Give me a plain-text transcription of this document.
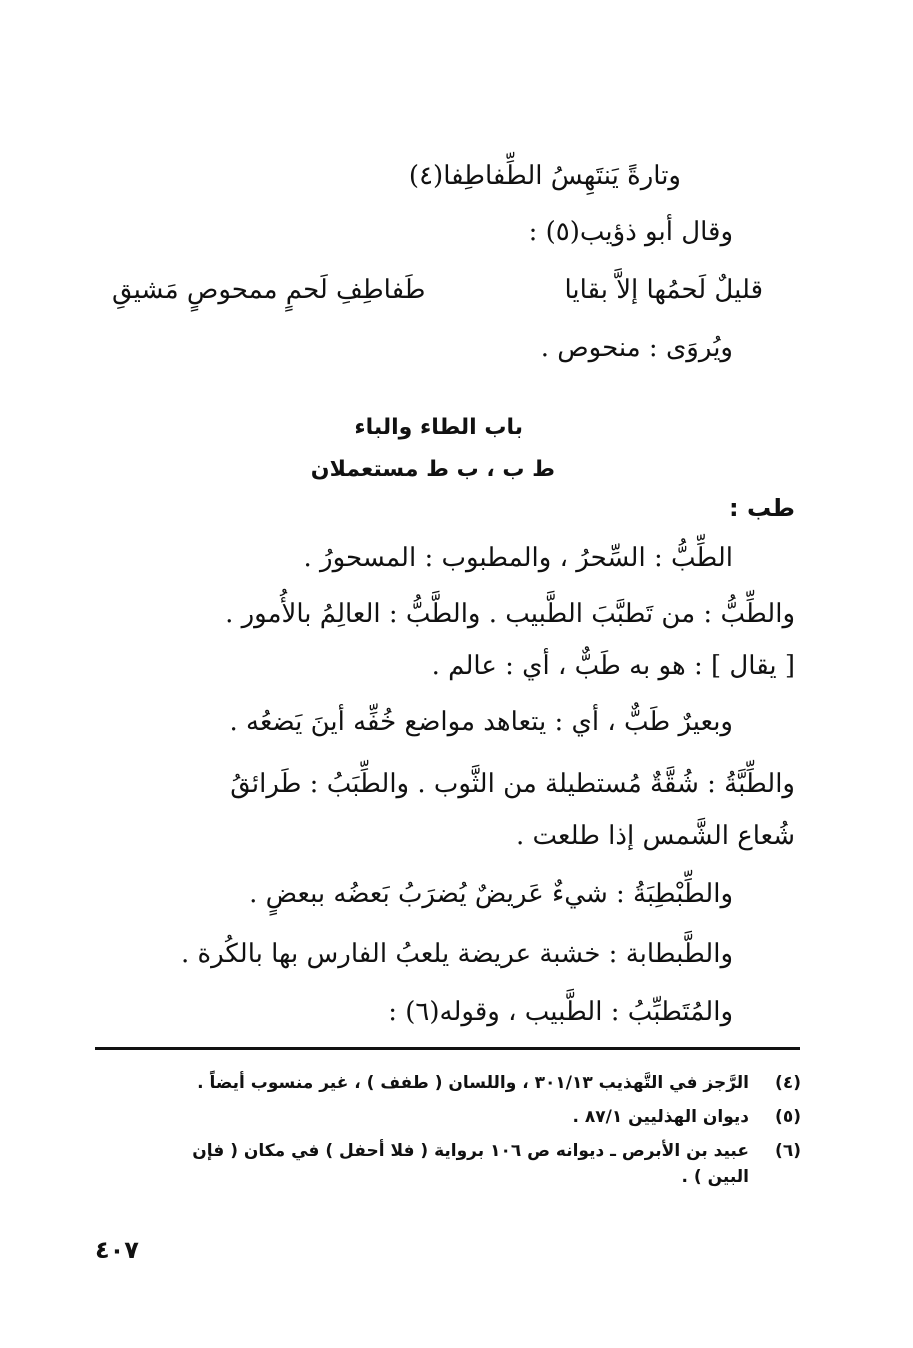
وتارةً يَنتَهِسُ الطِّفاطِفا(٤)
وقال أبو ذؤيب(٥) :
قليلٌ لَحمُها إلاَّ بقايا
طَفاطِفِ لَحمٍ ممحوصٍ مَشيقِ
ويُروَى : منحوص .
باب الطاء والباء
ط ب ، ب ط مستعملان
طب :
الطِّبُّ : السِّحرُ ، والمطبوب : المسحورُ .
والطِّبُّ : من تَطبَّبَ الطَّبيب . والطَّبُّ : العالِمُ بالأُمور .
[ يقال ] : هو به طَبٌّ ، أي : عالم .
وبعيرٌ طَبٌّ ، أي : يتعاهد مواضع خُفِّه أينَ يَضعُه .
والطِّبَّةُ : شُقَّةٌ مُستطيلة من الثَّوب . والطِّبَبُ : طَرائقُ
شُعاع الشَّمس إذا طلعت .
والطِّبْطِبَةُ : شيءٌ عَريضٌ يُضرَبُ بَعضُه ببعضٍ .
والطَّبطابة : خشبة عريضة يلعبُ الفارس بها بالكُرة .
والمُتَطبِّبُ : الطَّبيب ، وقوله(٦) :
(٤)
الرَّجز في التَّهذيب ٣٠١/١٣ ، واللسان ( طفف ) ، غير منسوب أيضاً .
(٥)
ديوان الهذليين ٨٧/١ .
(٦)
عبيد بن الأبرص ـ ديوانه ص ١٠٦ برواية ( فلا أحفل ) في مكان ( فإن
البين ) .
٤٠٧
